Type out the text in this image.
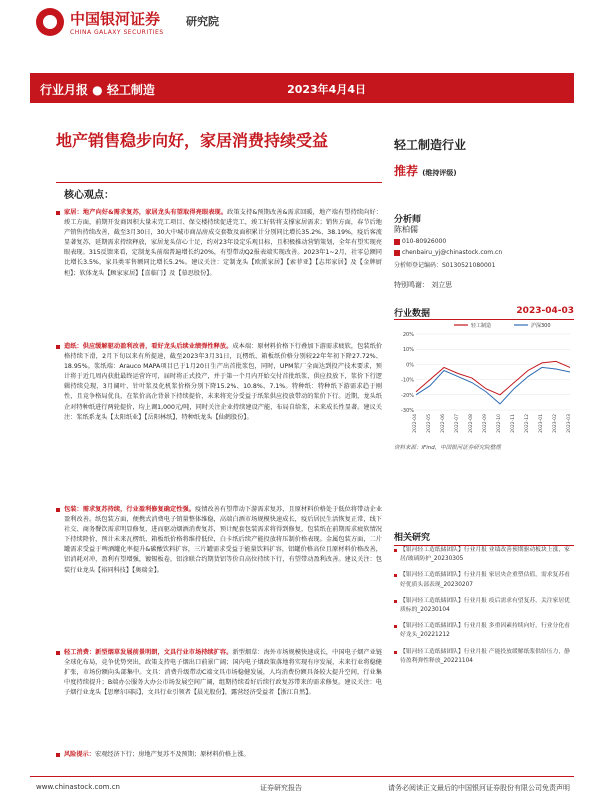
中国银河证券
CHINA GALAXY SECURITIES
研究院
行业月报 ● 轻工制造	2023年4月4日
地产销售稳步向好，家居消费持续受益
核心观点：
家居：地产向好&需求复苏，家居龙头有望取得亮眼表现。政策支持&预期改善&需求回暖，地产端有望持续向好：竣工方面，前期开发商因积大量未完工项目、保交楼持续促进完工，竣工好转将支撑家居需求；销售方面，春节后地产销售持续改善，截至3月30日，30大中城市商品房成交套数及面积累计分别同比增长35.2%、38.19%，疫后客流显著复苏，延期需求持续释放，家居龙头信心十足，约对23年设定乐观目标，且积极推动营销策划，全年有望实现亮眼表现。315反馈来看，定制龙头前端普遍增长约20%，有望带动Q2报表端实现改善。2023年1~2月，社零总额同比增长3.5%，家具类零售额同比增长5.2%。建议关注：定制龙头【欧派家居】【索菲亚】【志邦家居】及【金牌厨柜】；软体龙头【顾家家居】【喜临门】及【慕思股份】。
造纸：供应缓解驱动盈利改善，看好龙头后续业绩弹性释放。成本端：原材料价格下行叠加下游需求疲软，包装纸价格持续下滑，2月下旬以来有所提速，截至2023年3月31日，瓦楞纸、箱板纸价格分别较22年年初下降27.72%、18.95%。浆纸端：Arauco MAPA项目已于1月20日生产出首批浆包，同时，UPM浆厂全面达到投产技术要求，预计将于近几周内获批最终运营许可，届时将正式投产，并于第一个月内开始交付首批纸浆，供应投放下，浆价下行逻辑持续兑现，3月阔叶、针叶浆及化机浆价格分别下降15.2%、10.8%、7.1%。特种纸：特种纸下游需求趋于刚性，且竞争格局优良，在浆价高企背景下持续提价，未来将充分受益于纸浆供应投放带动的浆价下行。近期，龙头纸企对特种纸进行两轮提价，均上调1,000元/吨，同时关注企业持续建设产能，布局自给浆，未来成长性显著。建议关注：浆纸系龙头【太阳纸业】【岳阳林纸】，特种纸龙头【仙鹤股份】。
包装：需求复苏持续，行业盈利修复确定性强。疫情改善有望带动下游需求复苏，且原材料价格处于低位将带动企业盈利改善。纸包装方面，便携式消费电子销量整体维稳，高端白酒市场规模快速成长，疫后居民生活恢复正常，线下社交、商务餐饮需求明显修复，进而驱动烟酒消费复苏，预计配套包装需求将得到修复，包装纸在前期需求疲软情况下持续降价，预计未来瓦楞纸、箱板纸价格将维持低位，白卡纸后续产能投放将压制价格表现。金属包装方面，二片罐需求受益于啤酒罐化率提升&碳酸饮料扩容，三片罐需求受益于能量饮料扩容，铝罐价格高位且原材料价格改善，铝消耗对冲，盈利有望增强，镀锡板卷，铝涂联合约期货铝等价自高位持续下行，有望带动盈利改善。建议关注：包装行业龙头【裕同科技】【奥瑞金】。
轻工消费：新型烟草发展前景明朗，文具行业市场持续扩容。新型烟草：海外市场规模快速成长，中国电子烟产业链全球化布局，竞争优势突出，政策支持电子烟出口前景广阔；国内电子烟政策落地将实现有序发展，未来行业将稳健扩张，市场份额向头部集中。文具：消费升级带动C端文具市场稳健发展，人均消费份额具备较大提升空间，行业集中度持续提升；B端办公服务大办公市场发展空间广阔，组期持续看好后续行政复苏带来的需求修复。建议关注：电子烟行业龙头【思摩尔国际】，文具行业引领者【晨光股份】，露营经济受益者【浙江自然】。
风险提示：宏观经济下行；房地产复苏不及预期；原材料价格上涨。
轻工制造行业
推荐 (维持评级)
分析师
陈柏儒
010-80926000
chenbairu_yj@chinastock.com.cn
分析师登记编码：S0130521080001
特别鸣谢： 刘立思
行业数据	2023-04-03
20%
10%
0%
-10%
-20%
-30%
2022-04 2022-05 2022-06 2022-07 2022-08 2022-09 2022-10 2022-11 2022-12 2023-01 2023-02 2023-03
轻工制造	沪深300
资料来源：iFind，中国银河证券研究院整理
相关研究
【银河轻工造纸储团队】行业月报 业绩改善预期驱动板块上涨，家居/玻璃防护_20230305
【银河轻工造纸储团队】行业月报 家居央企重塑估值，需求复苏看好优质头部表现_20230207
【银河轻工造纸储团队】行业月报 疫后需求有望复苏，关注家居优质标的_20230104
【银河轻工造纸储团队】行业月报 多重因素持续向好，行业分化看好龙头_20221212
【银河轻工造纸储团队】行业月报 产能投放缓解纸浆供给压力，静待盈利弹性释放_20221104
www.chinastock.com.cn	证券研究报告	请务必阅读正文最后的中国银河证券股份有限公司免责声明
